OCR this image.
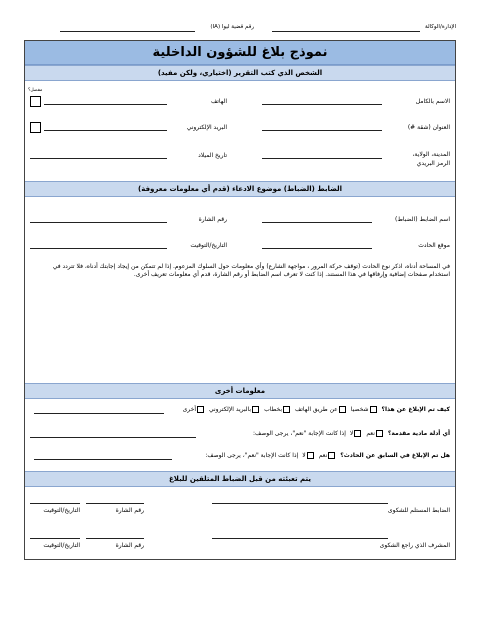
الإدارة/الوكالة
رقم قضية ليوا (IA)
نموذج بلاغ للشؤون الداخلية
الشخص الذي كتب التقرير (اختياري، ولكن مفيد)
مفضل؟
الاسم بالكامل
الهاتف
العنوان (شقة #)
البريد الإلكتروني
المدينة، الولاية،
الرمز البريدي
تاريخ الميلاد
الضابط (الضباط) موضوع الادعاء (قدم أي معلومات معروفة)
اسم الضابط (الضباط)
رقم الشارة
موقع الحادث
التاريخ/التوقيت
في المساحة أدناه، اذكر نوع الحادث (توقف حركة المرور ، مواجهة الشارع) وأي معلومات حول السلوك المزعوم. إذا لم تتمكن من إيجاد إجابتك أدناه، فلا تتردد في استخدام صفحات إضافية وإرفاقها في هذا المستند. إذا كنت لا تعرف اسم الضابط أو رقم الشارة، قدم أي معلومات تعريف أخرى.
معلومات أخرى
كيف تم الإبلاغ عن هذا؟
شخصيا
عن طريق الهاتف
بخطاب
بالبريد الإلكتروني
أخرى
أي أدلة مادية مقدمة؟
نعم
لا
إذا كانت الإجابة "نعم"، يرجى الوصف:
هل تم الإبلاغ في السابق عن الحادث؟
نعم
لا
إذا كانت الإجابة "نعم"، يرجى الوصف:
يتم تعبئته من قبل الضباط المتلقين للبلاغ
الضابط المستلم للشكوى
رقم الشارة
التاريخ/التوقيت
المشرف الذي راجع الشكوى
رقم الشارة
التاريخ/التوقيت
